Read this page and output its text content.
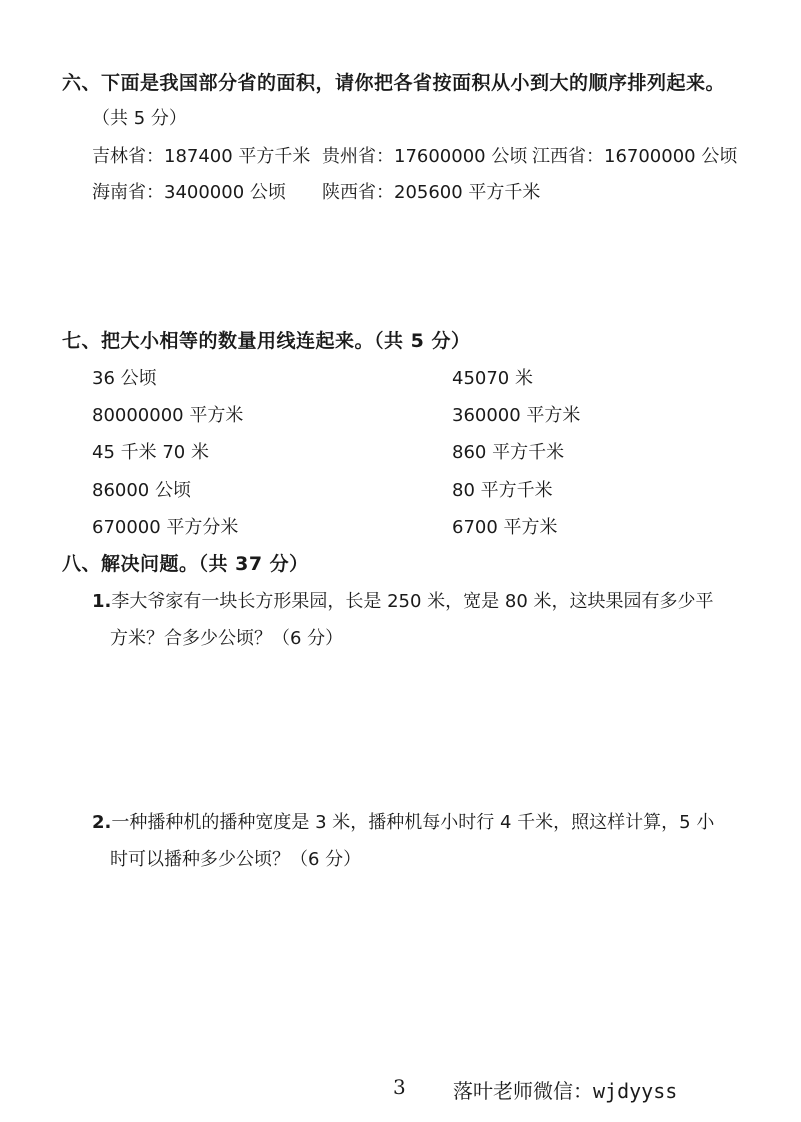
六、下面是我国部分省的面积，请你把各省按面积从小到大的顺序排列起来。
（共 5 分）
吉林省：187400 平方千米 贵州省：17600000 公顷 江西省：16700000 公顷
海南省：3400000 公顷 陕西省：205600 平方千米
七、把大小相等的数量用线连起来。（共 5 分）
36 公顷
80000000 平方米
45 千米 70 米
86000 公顷
670000 平方分米
45070 米
360000 平方米
860 平方千米
80 平方千米
6700 平方米
八、解决问题。（共 37 分）
1.李大爷家有一块长方形果园，长是 250 米，宽是 80 米，这块果园有多少平
方米？合多少公顷？（6 分）
2.一种播种机的播种宽度是 3 米，播种机每小时行 4 千米，照这样计算，5 小
时可以播种多少公顷？（6 分）
3 落叶老师微信：wjdyyss
